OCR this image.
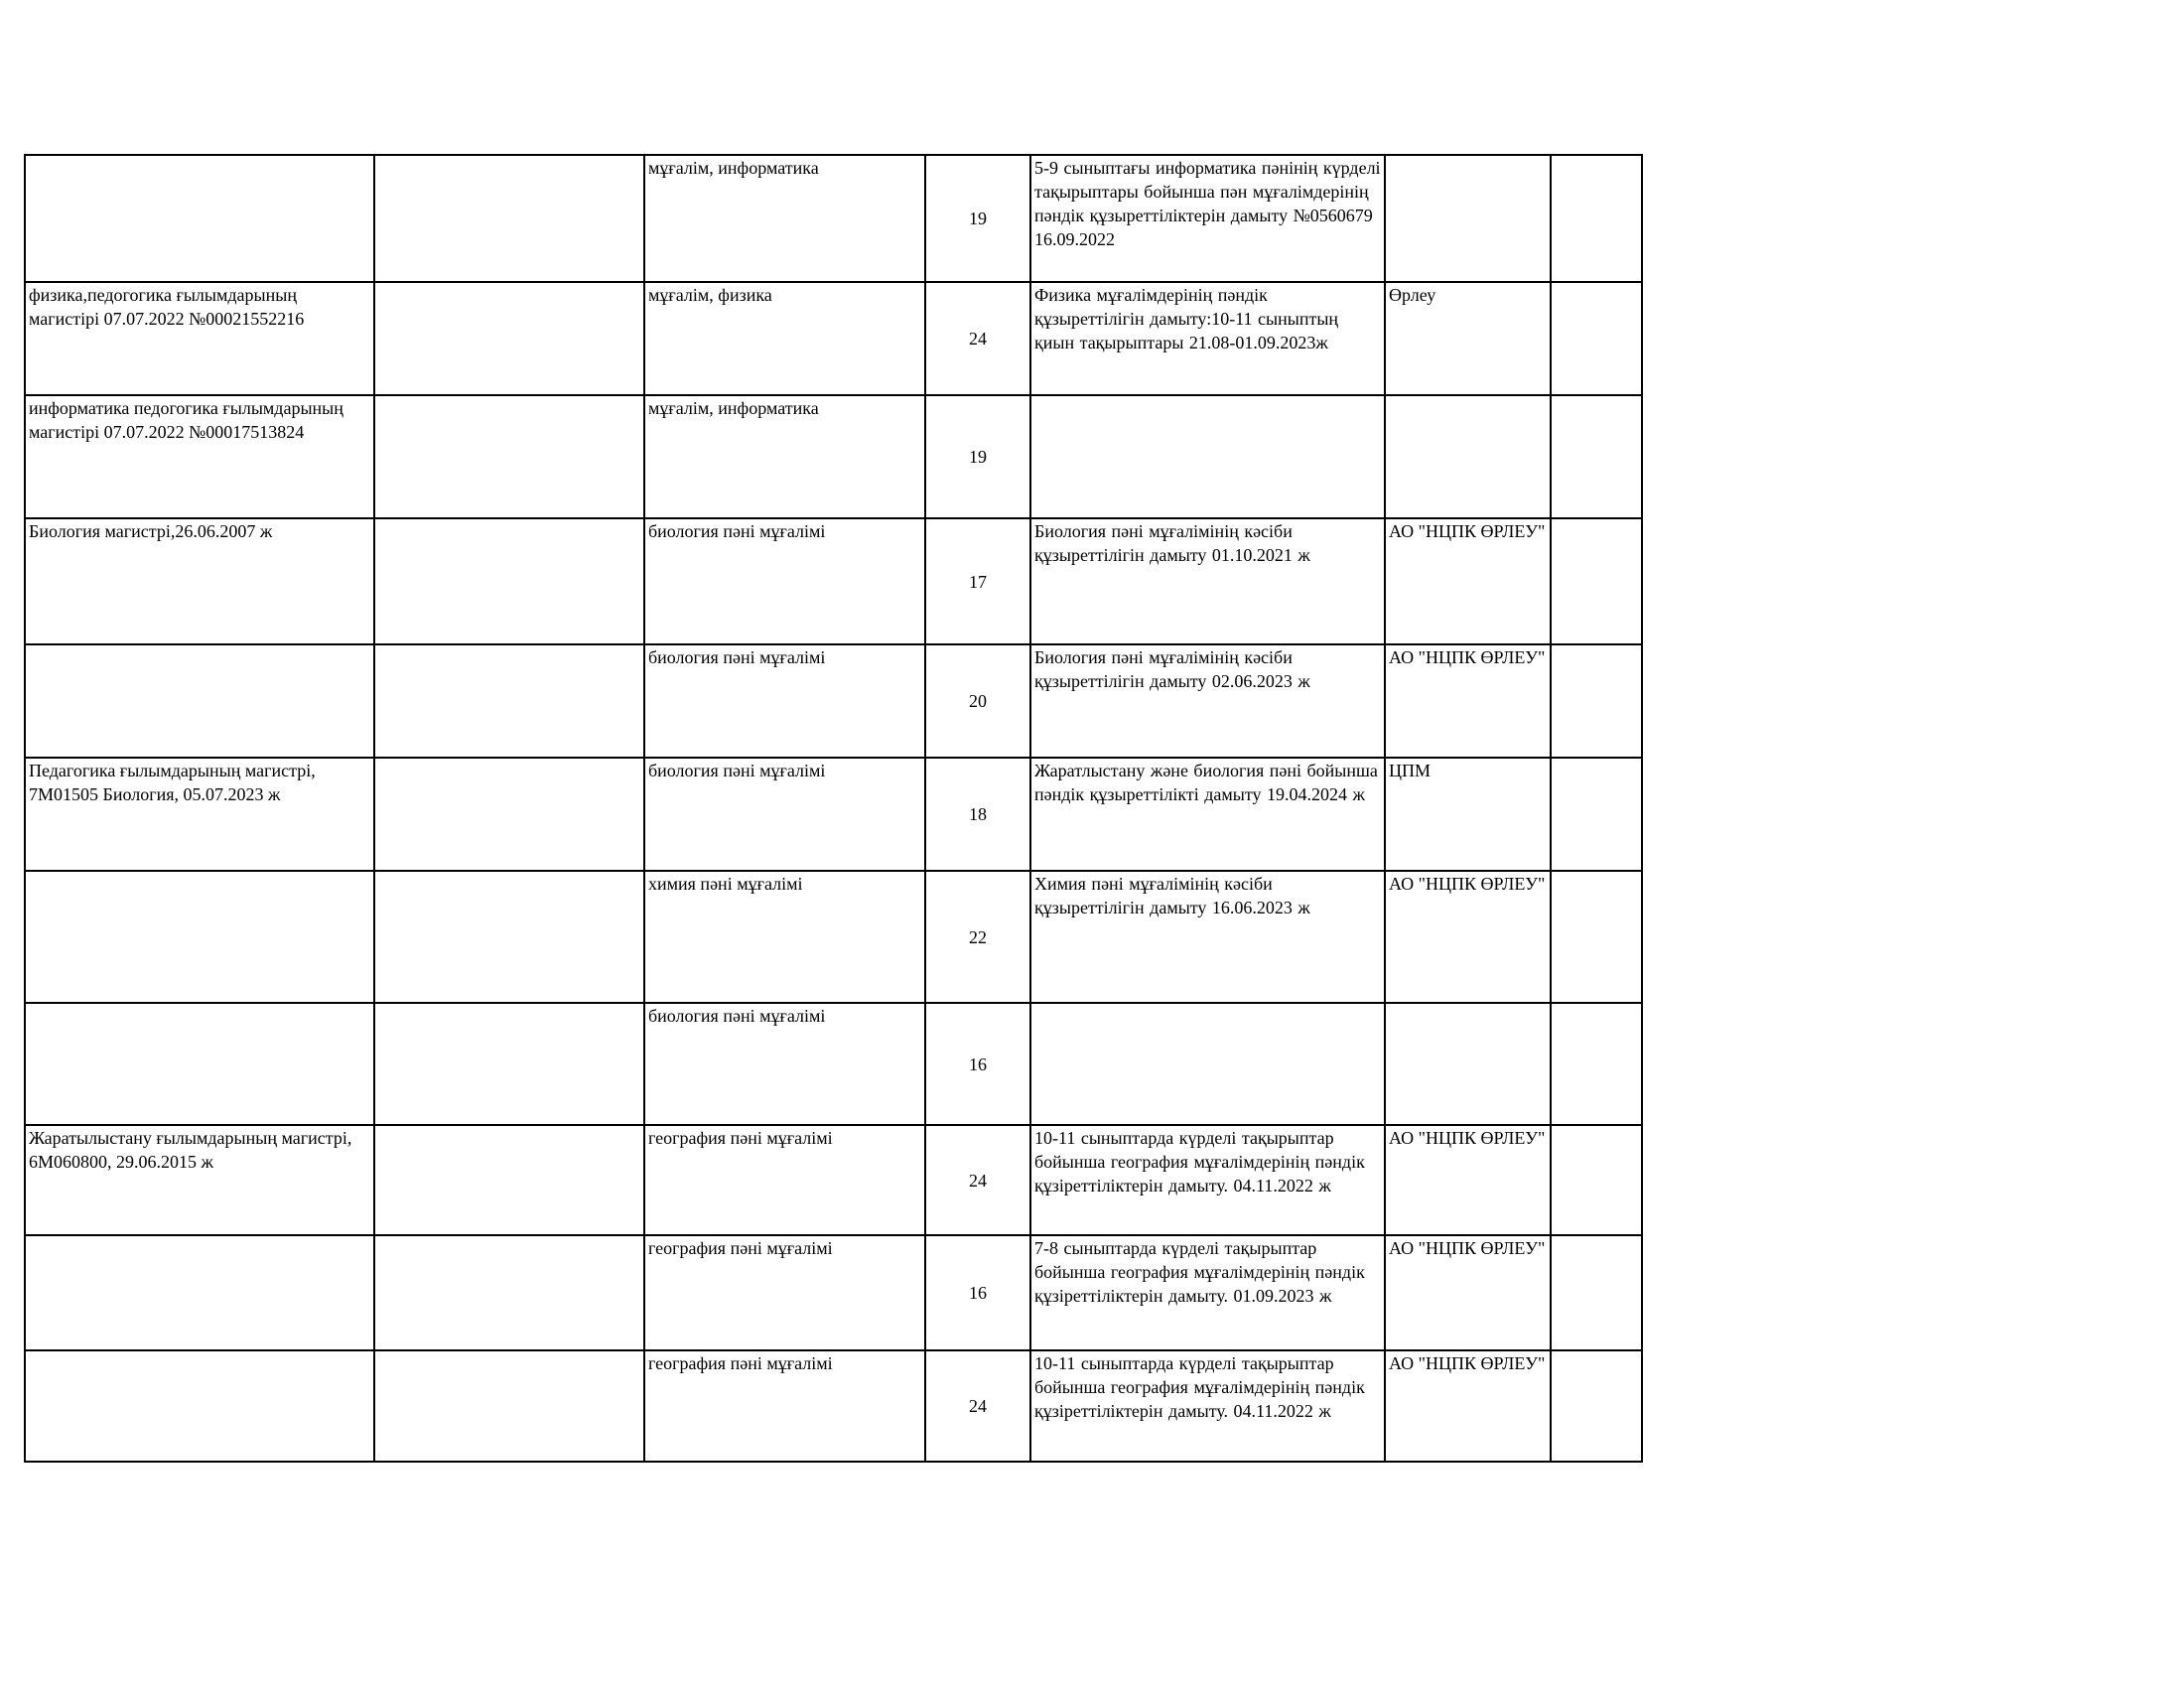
		мұғалім, информатика	19	5-9 сыныптағы информатика пәнінің күрделі тақырыптары бойынша пән мұғалімдерінің пәндік құзыреттіліктерін дамыту №0560679 16.09.2022		
физика,педогогика ғылымдарының магистірі 07.07.2022 №00021552216		мұғалім, физика	24	Физика мұғалімдерінің пәндік құзыреттілігін дамыту:10-11 сыныптың қиын тақырыптары 21.08-01.09.2023ж	Өрлеу	
информатика педогогика ғылымдарының магистірі 07.07.2022 №00017513824		мұғалім, информатика	19			
Биология магистрі,26.06.2007 ж		биология пәні мұғалімі	17	Биология пәні мұғалімінің кәсіби құзыреттілігін дамыту 01.10.2021 ж	АО "НЦПК ӨРЛЕУ"	
		биология пәні мұғалімі	20	Биология пәні мұғалімінің кәсіби құзыреттілігін дамыту 02.06.2023 ж	АО "НЦПК ӨРЛЕУ"	
Педагогика ғылымдарының магистрі, 7М01505 Биология, 05.07.2023 ж		биология пәні мұғалімі	18	Жаратлыстану және биология пәні бойынша пәндік құзыреттілікті дамыту 19.04.2024 ж	ЦПМ	
		химия пәні мұғалімі	22	Химия пәні мұғалімінің кәсіби құзыреттілігін дамыту 16.06.2023 ж	АО "НЦПК ӨРЛЕУ"	
		биология пәні мұғалімі	16			
Жаратылыстану ғылымдарының магистрі, 6М060800, 29.06.2015 ж		география пәні мұғалімі	24	10-11 сыныптарда күрделі тақырыптар бойынша география мұғалімдерінің пәндік құзіреттіліктерін дамыту. 04.11.2022 ж	АО "НЦПК ӨРЛЕУ"	
		география пәні мұғалімі	16	7-8 сыныптарда күрделі тақырыптар бойынша география мұғалімдерінің пәндік құзіреттіліктерін дамыту. 01.09.2023 ж	АО "НЦПК ӨРЛЕУ"	
		география пәні мұғалімі	24	10-11 сыныптарда күрделі тақырыптар бойынша география мұғалімдерінің пәндік құзіреттіліктерін дамыту. 04.11.2022 ж	АО "НЦПК ӨРЛЕУ"	
